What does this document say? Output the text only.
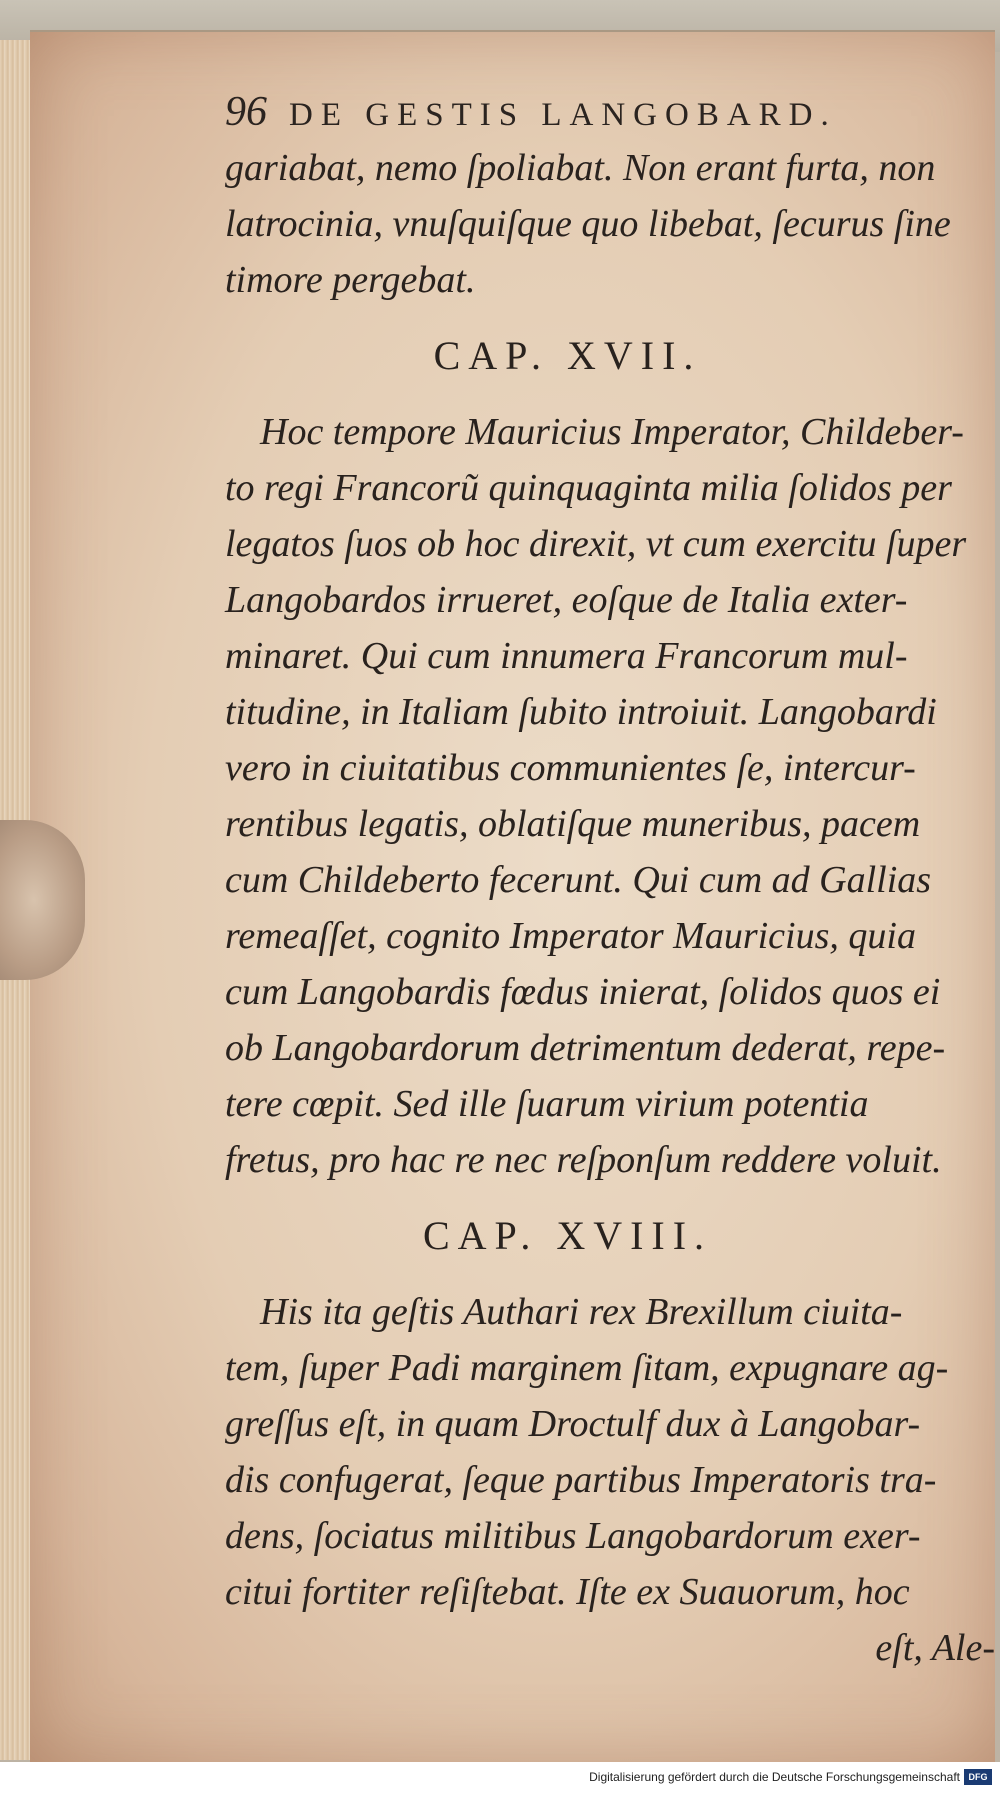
96 DE GESTIS LANGOBARD.
gariabat, nemo ſpoliabat. Non erant furta, non
latrocinia, vnuſquiſque quo libebat, ſecurus ſine
timore pergebat.
CAP. XVII.
Hoc tempore Mauricius Imperator, Childeber-
to regi Francorũ quinquaginta milia ſolidos per
legatos ſuos ob hoc direxit, vt cum exercitu ſuper
Langobardos irrueret, eoſque de Italia exter-
minaret. Qui cum innumera Francorum mul-
titudine, in Italiam ſubito introiuit. Langobardi
vero in ciuitatibus communientes ſe, intercur-
rentibus legatis, oblatiſque muneribus, pacem
cum Childeberto fecerunt. Qui cum ad Gallias
remeaſſet, cognito Imperator Mauricius, quia
cum Langobardis fœdus inierat, ſolidos quos ei
ob Langobardorum detrimentum dederat, repe-
tere cœpit. Sed ille ſuarum virium potentia
fretus, pro hac re nec reſponſum reddere voluit.
CAP. XVIII.
His ita geſtis Authari rex Brexillum ciuita-
tem, ſuper Padi marginem ſitam, expugnare ag-
greſſus eſt, in quam Droctulf dux à Langobar-
dis confugerat, ſeque partibus Imperatoris tra-
dens, ſociatus militibus Langobardorum exer-
citui fortiter reſiſtebat. Iſte ex Suauorum, hoc
eſt, Ale-
Digitalisierung gefördert durch die Deutsche Forschungsgemeinschaft DFG
